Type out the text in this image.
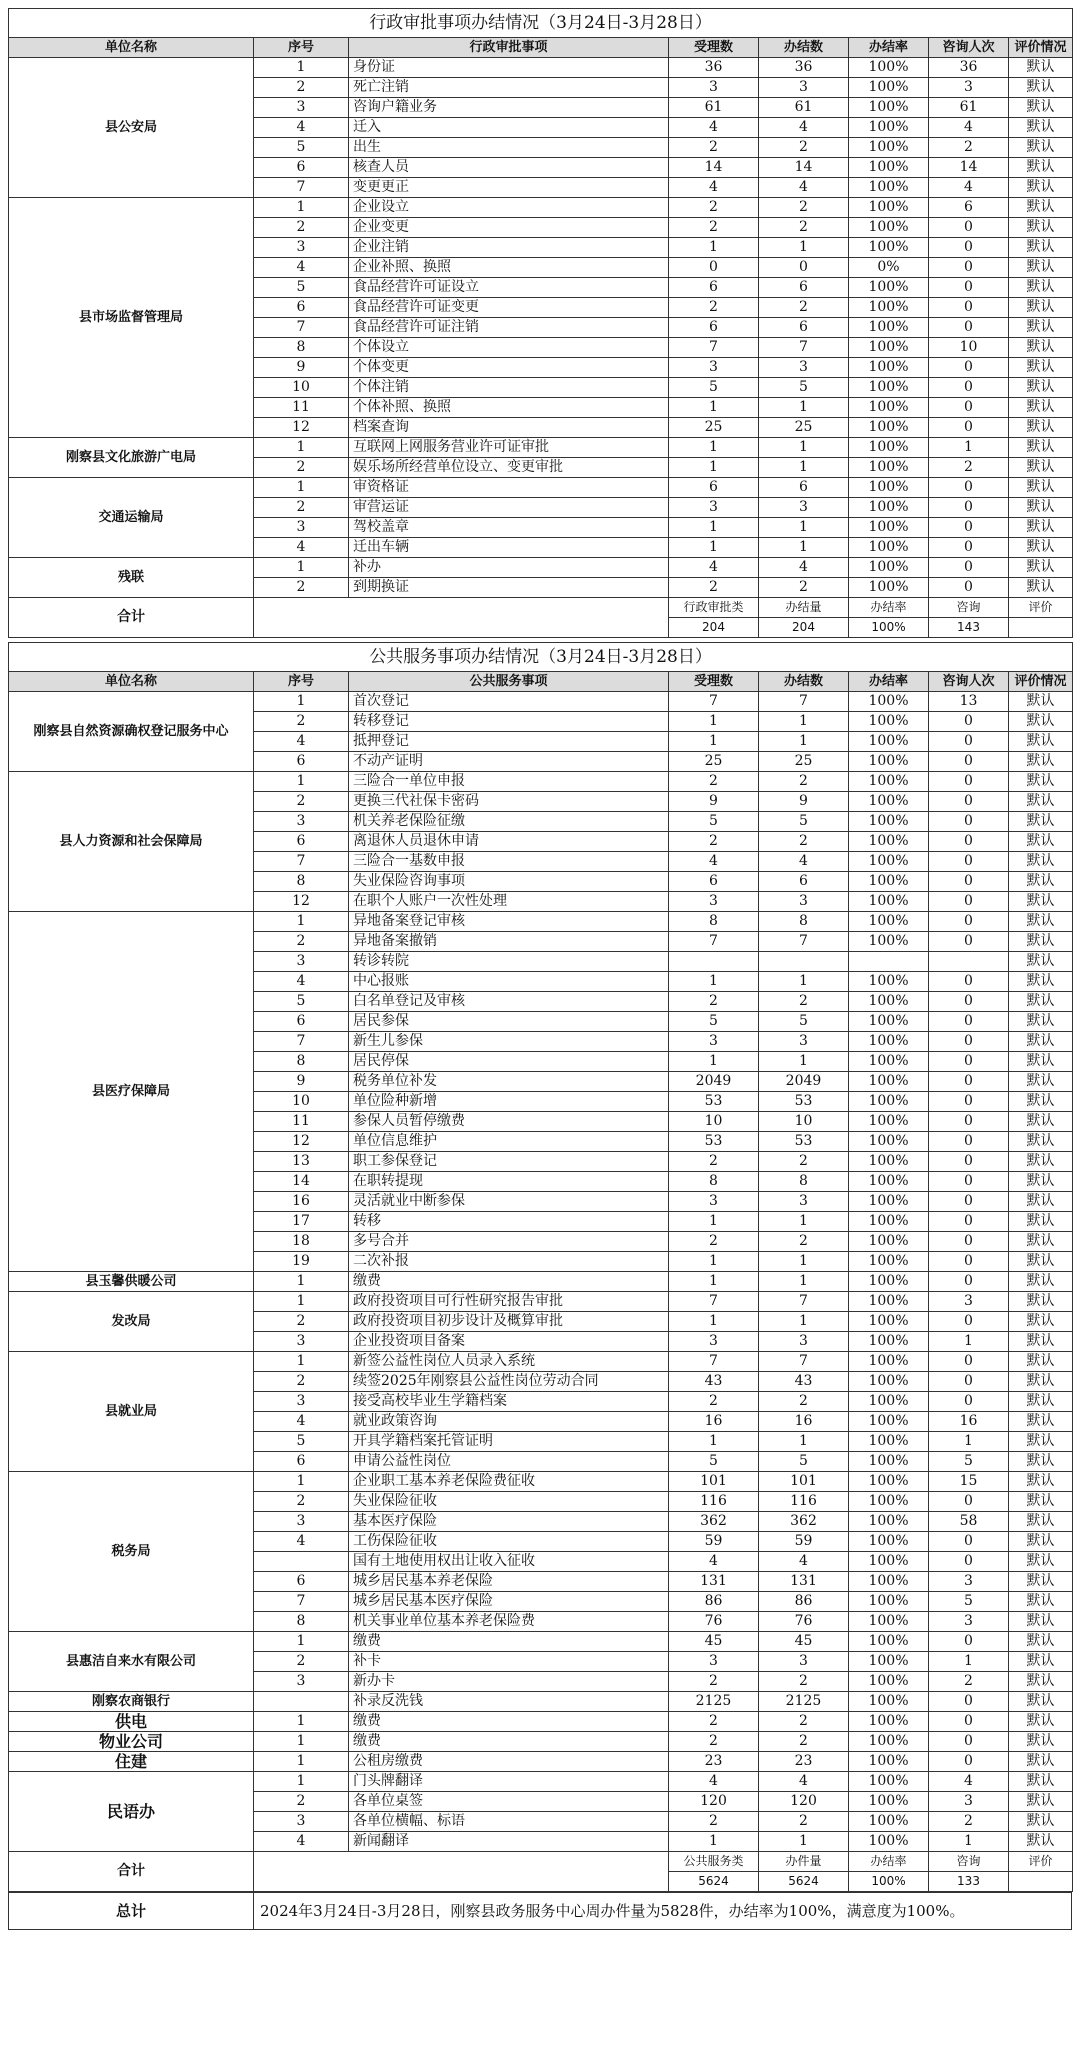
行政审批事项办结情况（3月24日-3月28日）							
单位名称	序号	行政审批事项	受理数	办结数	办结率	咨询人次	评价情况
县公安局	1	身份证	36	36	100%	36	默认
	2	死亡注销	3	3	100%	3	默认
	3	咨询户籍业务	61	61	100%	61	默认
	4	迁入	4	4	100%	4	默认
	5	出生	2	2	100%	2	默认
	6	核查人员	14	14	100%	14	默认
	7	变更更正	4	4	100%	4	默认
县市场监督管理局	1	企业设立	2	2	100%	6	默认
	2	企业变更	2	2	100%	0	默认
	3	企业注销	1	1	100%	0	默认
	4	企业补照、换照	0	0	0%	0	默认
	5	食品经营许可证设立	6	6	100%	0	默认
	6	食品经营许可证变更	2	2	100%	0	默认
	7	食品经营许可证注销	6	6	100%	0	默认
	8	个体设立	7	7	100%	10	默认
	9	个体变更	3	3	100%	0	默认
	10	个体注销	5	5	100%	0	默认
	11	个体补照、换照	1	1	100%	0	默认
	12	档案查询	25	25	100%	0	默认
刚察县文化旅游广电局	1	互联网上网服务营业许可证审批	1	1	100%	1	默认
	2	娱乐场所经营单位设立、变更审批	1	1	100%	2	默认
交通运输局	1	审资格证	6	6	100%	0	默认
	2	审营运证	3	3	100%	0	默认
	3	驾校盖章	1	1	100%	0	默认
	4	迁出车辆	1	1	100%	0	默认
残联	1	补办	4	4	100%	0	默认
	2	到期换证	2	2	100%	0	默认
合计			行政审批类	办结量	办结率	咨询	评价
			204	204	100%	143	
公共服务事项办结情况（3月24日-3月28日）							
单位名称	序号	公共服务事项	受理数	办结数	办结率	咨询人次	评价情况
刚察县自然资源确权登记服务中心	1	首次登记	7	7	100%	13	默认
	2	转移登记	1	1	100%	0	默认
	4	抵押登记	1	1	100%	0	默认
	6	不动产证明	25	25	100%	0	默认
县人力资源和社会保障局	1	三险合一单位申报	2	2	100%	0	默认
	2	更换三代社保卡密码	9	9	100%	0	默认
	3	机关养老保险征缴	5	5	100%	0	默认
	6	离退休人员退休申请	2	2	100%	0	默认
	7	三险合一基数申报	4	4	100%	0	默认
	8	失业保险咨询事项	6	6	100%	0	默认
	12	在职个人账户一次性处理	3	3	100%	0	默认
县医疗保障局	1	异地备案登记审核	8	8	100%	0	默认
	2	异地备案撤销	7	7	100%	0	默认
	3	转诊转院					默认
	4	中心报账	1	1	100%	0	默认
	5	白名单登记及审核	2	2	100%	0	默认
	6	居民参保	5	5	100%	0	默认
	7	新生儿参保	3	3	100%	0	默认
	8	居民停保	1	1	100%	0	默认
	9	税务单位补发	2049	2049	100%	0	默认
	10	单位险种新增	53	53	100%	0	默认
	11	参保人员暂停缴费	10	10	100%	0	默认
	12	单位信息维护	53	53	100%	0	默认
	13	职工参保登记	2	2	100%	0	默认
	14	在职转提现	8	8	100%	0	默认
	16	灵活就业中断参保	3	3	100%	0	默认
	17	转移	1	1	100%	0	默认
	18	多号合并	2	2	100%	0	默认
	19	二次补报	1	1	100%	0	默认
县玉馨供暖公司	1	缴费	1	1	100%	0	默认
发改局	1	政府投资项目可行性研究报告审批	7	7	100%	3	默认
	2	政府投资项目初步设计及概算审批	1	1	100%	0	默认
	3	企业投资项目备案	3	3	100%	1	默认
县就业局	1	新签公益性岗位人员录入系统	7	7	100%	0	默认
	2	续签2025年刚察县公益性岗位劳动合同	43	43	100%	0	默认
	3	接受高校毕业生学籍档案	2	2	100%	0	默认
	4	就业政策咨询	16	16	100%	16	默认
	5	开具学籍档案托管证明	1	1	100%	1	默认
	6	申请公益性岗位	5	5	100%	5	默认
税务局	1	企业职工基本养老保险费征收	101	101	100%	15	默认
	2	失业保险征收	116	116	100%	0	默认
	3	基本医疗保险	362	362	100%	58	默认
	4	工伤保险征收	59	59	100%	0	默认
		国有土地使用权出让收入征收	4	4	100%	0	默认
	6	城乡居民基本养老保险	131	131	100%	3	默认
	7	城乡居民基本医疗保险	86	86	100%	5	默认
	8	机关事业单位基本养老保险费	76	76	100%	3	默认
县惠洁自来水有限公司	1	缴费	45	45	100%	0	默认
	2	补卡	3	3	100%	1	默认
	3	新办卡	2	2	100%	2	默认
刚察农商银行		补录反洗钱	2125	2125	100%	0	默认
供电	1	缴费	2	2	100%	0	默认
物业公司	1	缴费	2	2	100%	0	默认
住建	1	公租房缴费	23	23	100%	0	默认
民语办	1	门头牌翻译	4	4	100%	4	默认
	2	各单位桌签	120	120	100%	3	默认
	3	各单位横幅、标语	2	2	100%	2	默认
	4	新闻翻译	1	1	100%	1	默认
合计			公共服务类	办件量	办结率	咨询	评价
			5624	5624	100%	133	
总计	2024年3月24日-3月28日，刚察县政务服务中心周办件量为5828件，办结率为100%，满意度为100%。
